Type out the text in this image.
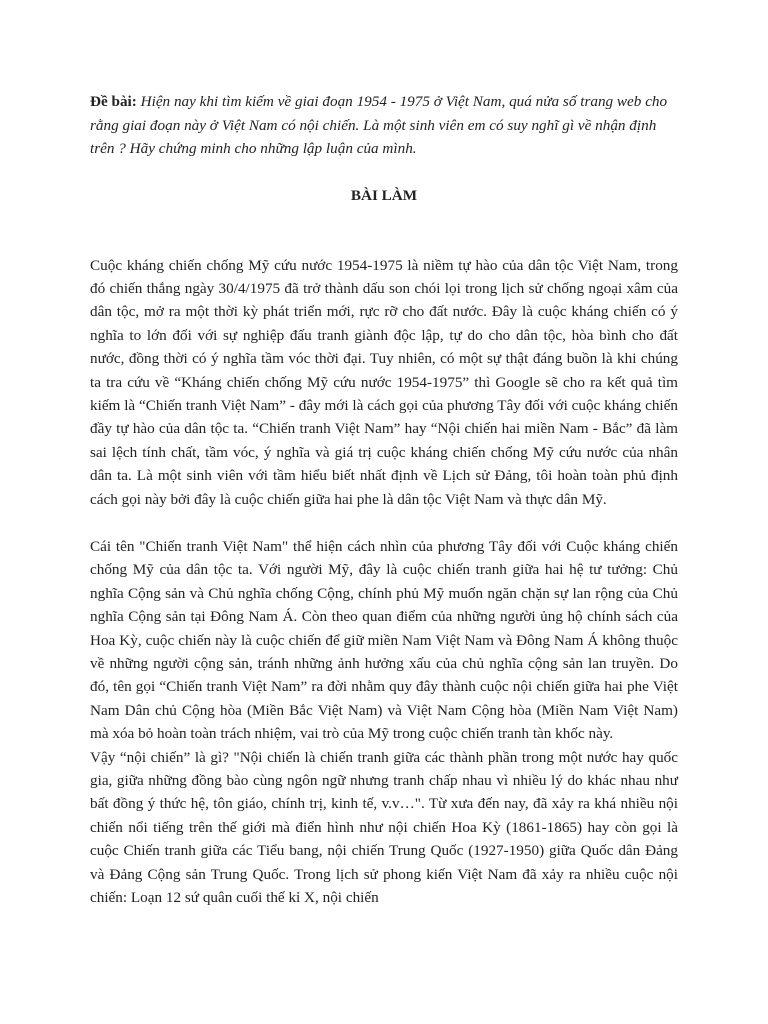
Đề bài: Hiện nay khi tìm kiếm về giai đoạn 1954 - 1975 ở Việt Nam, quá nửa số trang web cho rằng giai đoạn này ở Việt Nam có nội chiến. Là một sinh viên em có suy nghĩ gì về nhận định trên ? Hãy chứng minh cho những lập luận của mình.

BÀI LÀM

Cuộc kháng chiến chống Mỹ cứu nước 1954-1975 là niềm tự hào của dân tộc Việt Nam, trong đó chiến thắng ngày 30/4/1975 đã trở thành dấu son chói lọi trong lịch sử chống ngoại xâm của dân tộc, mở ra một thời kỳ phát triển mới, rực rỡ cho đất nước. Đây là cuộc kháng chiến có ý nghĩa to lớn đối với sự nghiệp đấu tranh giành độc lập, tự do cho dân tộc, hòa bình cho đất nước, đồng thời có ý nghĩa tầm vóc thời đại. Tuy nhiên, có một sự thật đáng buồn là khi chúng ta tra cứu về “Kháng chiến chống Mỹ cứu nước 1954-1975” thì Google sẽ cho ra kết quả tìm kiếm là “Chiến tranh Việt Nam” - đây mới là cách gọi của phương Tây đối với cuộc kháng chiến đầy tự hào của dân tộc ta. “Chiến tranh Việt Nam” hay “Nội chiến hai miền Nam - Bắc” đã làm sai lệch tính chất, tầm vóc, ý nghĩa và giá trị cuộc kháng chiến chống Mỹ cứu nước của nhân dân ta. Là một sinh viên với tầm hiểu biết nhất định về Lịch sử Đảng, tôi hoàn toàn phủ định cách gọi này bởi đây là cuộc chiến giữa hai phe là dân tộc Việt Nam và thực dân Mỹ.

Cái tên "Chiến tranh Việt Nam" thể hiện cách nhìn của phương Tây đối với Cuộc kháng chiến chống Mỹ của dân tộc ta. Với người Mỹ, đây là cuộc chiến tranh giữa hai hệ tư tưởng: Chủ nghĩa Cộng sản và Chủ nghĩa chống Cộng, chính phủ Mỹ muốn ngăn chặn sự lan rộng của Chủ nghĩa Cộng sản tại Đông Nam Á. Còn theo quan điểm của những người ủng hộ chính sách của Hoa Kỳ, cuộc chiến này là cuộc chiến để giữ miền Nam Việt Nam và Đông Nam Á không thuộc về những người cộng sản, tránh những ảnh hưởng xấu của chủ nghĩa cộng sản lan truyền. Do đó, tên gọi “Chiến tranh Việt Nam” ra đời nhằm quy đây thành cuộc nội chiến giữa hai phe Việt Nam Dân chủ Cộng hòa (Miền Bắc Việt Nam) và Việt Nam Cộng hòa (Miền Nam Việt Nam) mà xóa bỏ hoàn toàn trách nhiệm, vai trò của Mỹ trong cuộc chiến tranh tàn khốc này.

Vậy “nội chiến” là gì? "Nội chiến là chiến tranh giữa các thành phần trong một nước hay quốc gia, giữa những đồng bào cùng ngôn ngữ nhưng tranh chấp nhau vì nhiều lý do khác nhau như bất đồng ý thức hệ, tôn giáo, chính trị, kinh tế, v.v…". Từ xưa đến nay, đã xảy ra khá nhiều nội chiến nổi tiếng trên thế giới mà điển hình như nội chiến Hoa Kỳ (1861-1865) hay còn gọi là cuộc Chiến tranh giữa các Tiểu bang, nội chiến Trung Quốc (1927-1950) giữa Quốc dân Đảng và Đảng Cộng sản Trung Quốc. Trong lịch sử phong kiến Việt Nam đã xảy ra nhiều cuộc nội chiến: Loạn 12 sứ quân cuối thế kỉ X, nội chiến
